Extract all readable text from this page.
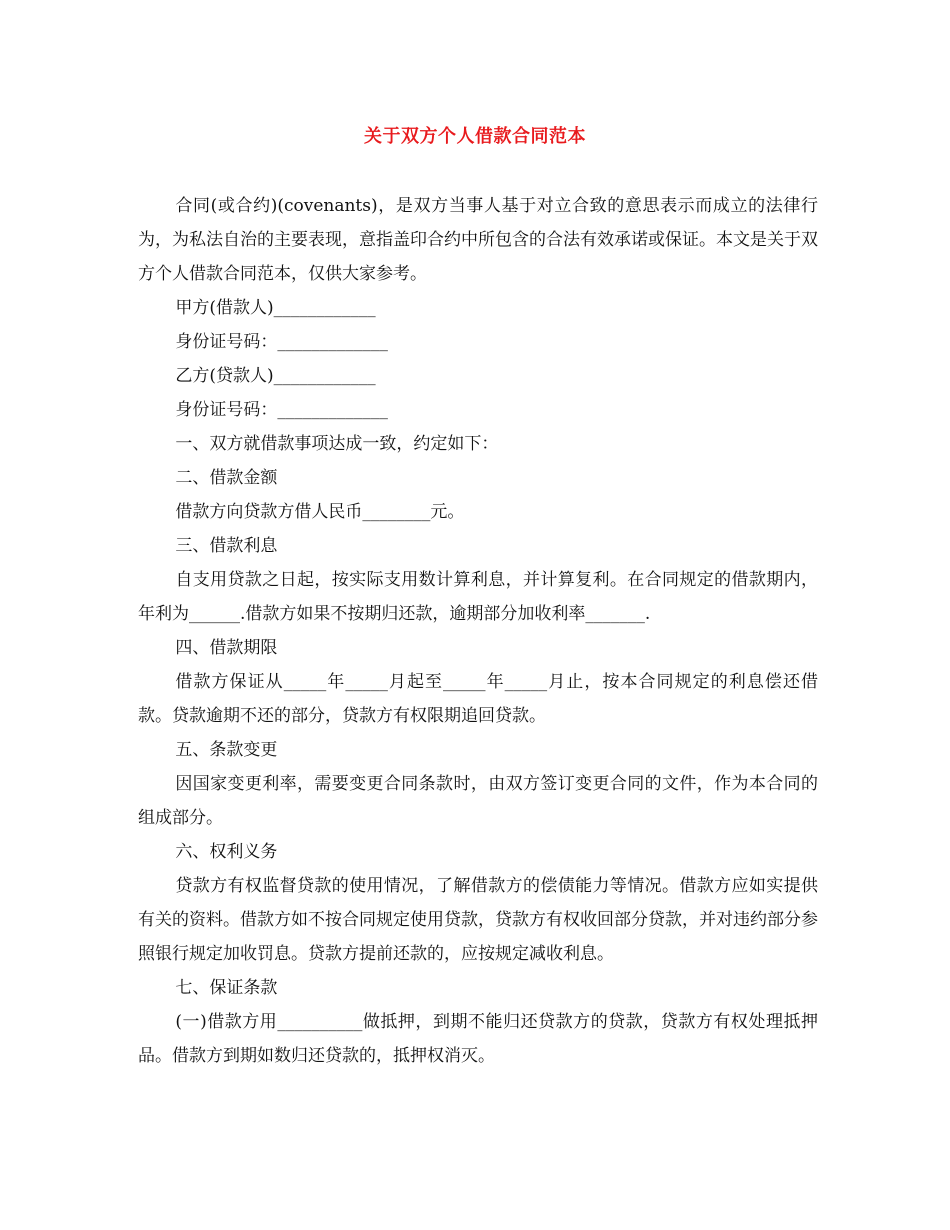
关于双方个人借款合同范本

合同(或合约)(covenants)，是双方当事人基于对立合致的意思表示而成立的法律行为，为私法自治的主要表现，意指盖印合约中所包含的合法有效承诺或保证。本文是关于双方个人借款合同范本，仅供大家参考。

甲方(借款人)____________

身份证号码：_____________

乙方(贷款人)____________

身份证号码：_____________

一、双方就借款事项达成一致，约定如下：

二、借款金额

借款方向贷款方借人民币________元。

三、借款利息

自支用贷款之日起，按实际支用数计算利息，并计算复利。在合同规定的借款期内，年利为______.借款方如果不按期归还款，逾期部分加收利率_______.

四、借款期限

借款方保证从_____年_____月起至_____年_____月止，按本合同规定的利息偿还借款。贷款逾期不还的部分，贷款方有权限期追回贷款。

五、条款变更

因国家变更利率，需要变更合同条款时，由双方签订变更合同的文件，作为本合同的组成部分。

六、权利义务

贷款方有权监督贷款的使用情况，了解借款方的偿债能力等情况。借款方应如实提供有关的资料。借款方如不按合同规定使用贷款，贷款方有权收回部分贷款，并对违约部分参照银行规定加收罚息。贷款方提前还款的，应按规定减收利息。

七、保证条款

(一)借款方用__________做抵押，到期不能归还贷款方的贷款，贷款方有权处理抵押品。借款方到期如数归还贷款的，抵押权消灭。
